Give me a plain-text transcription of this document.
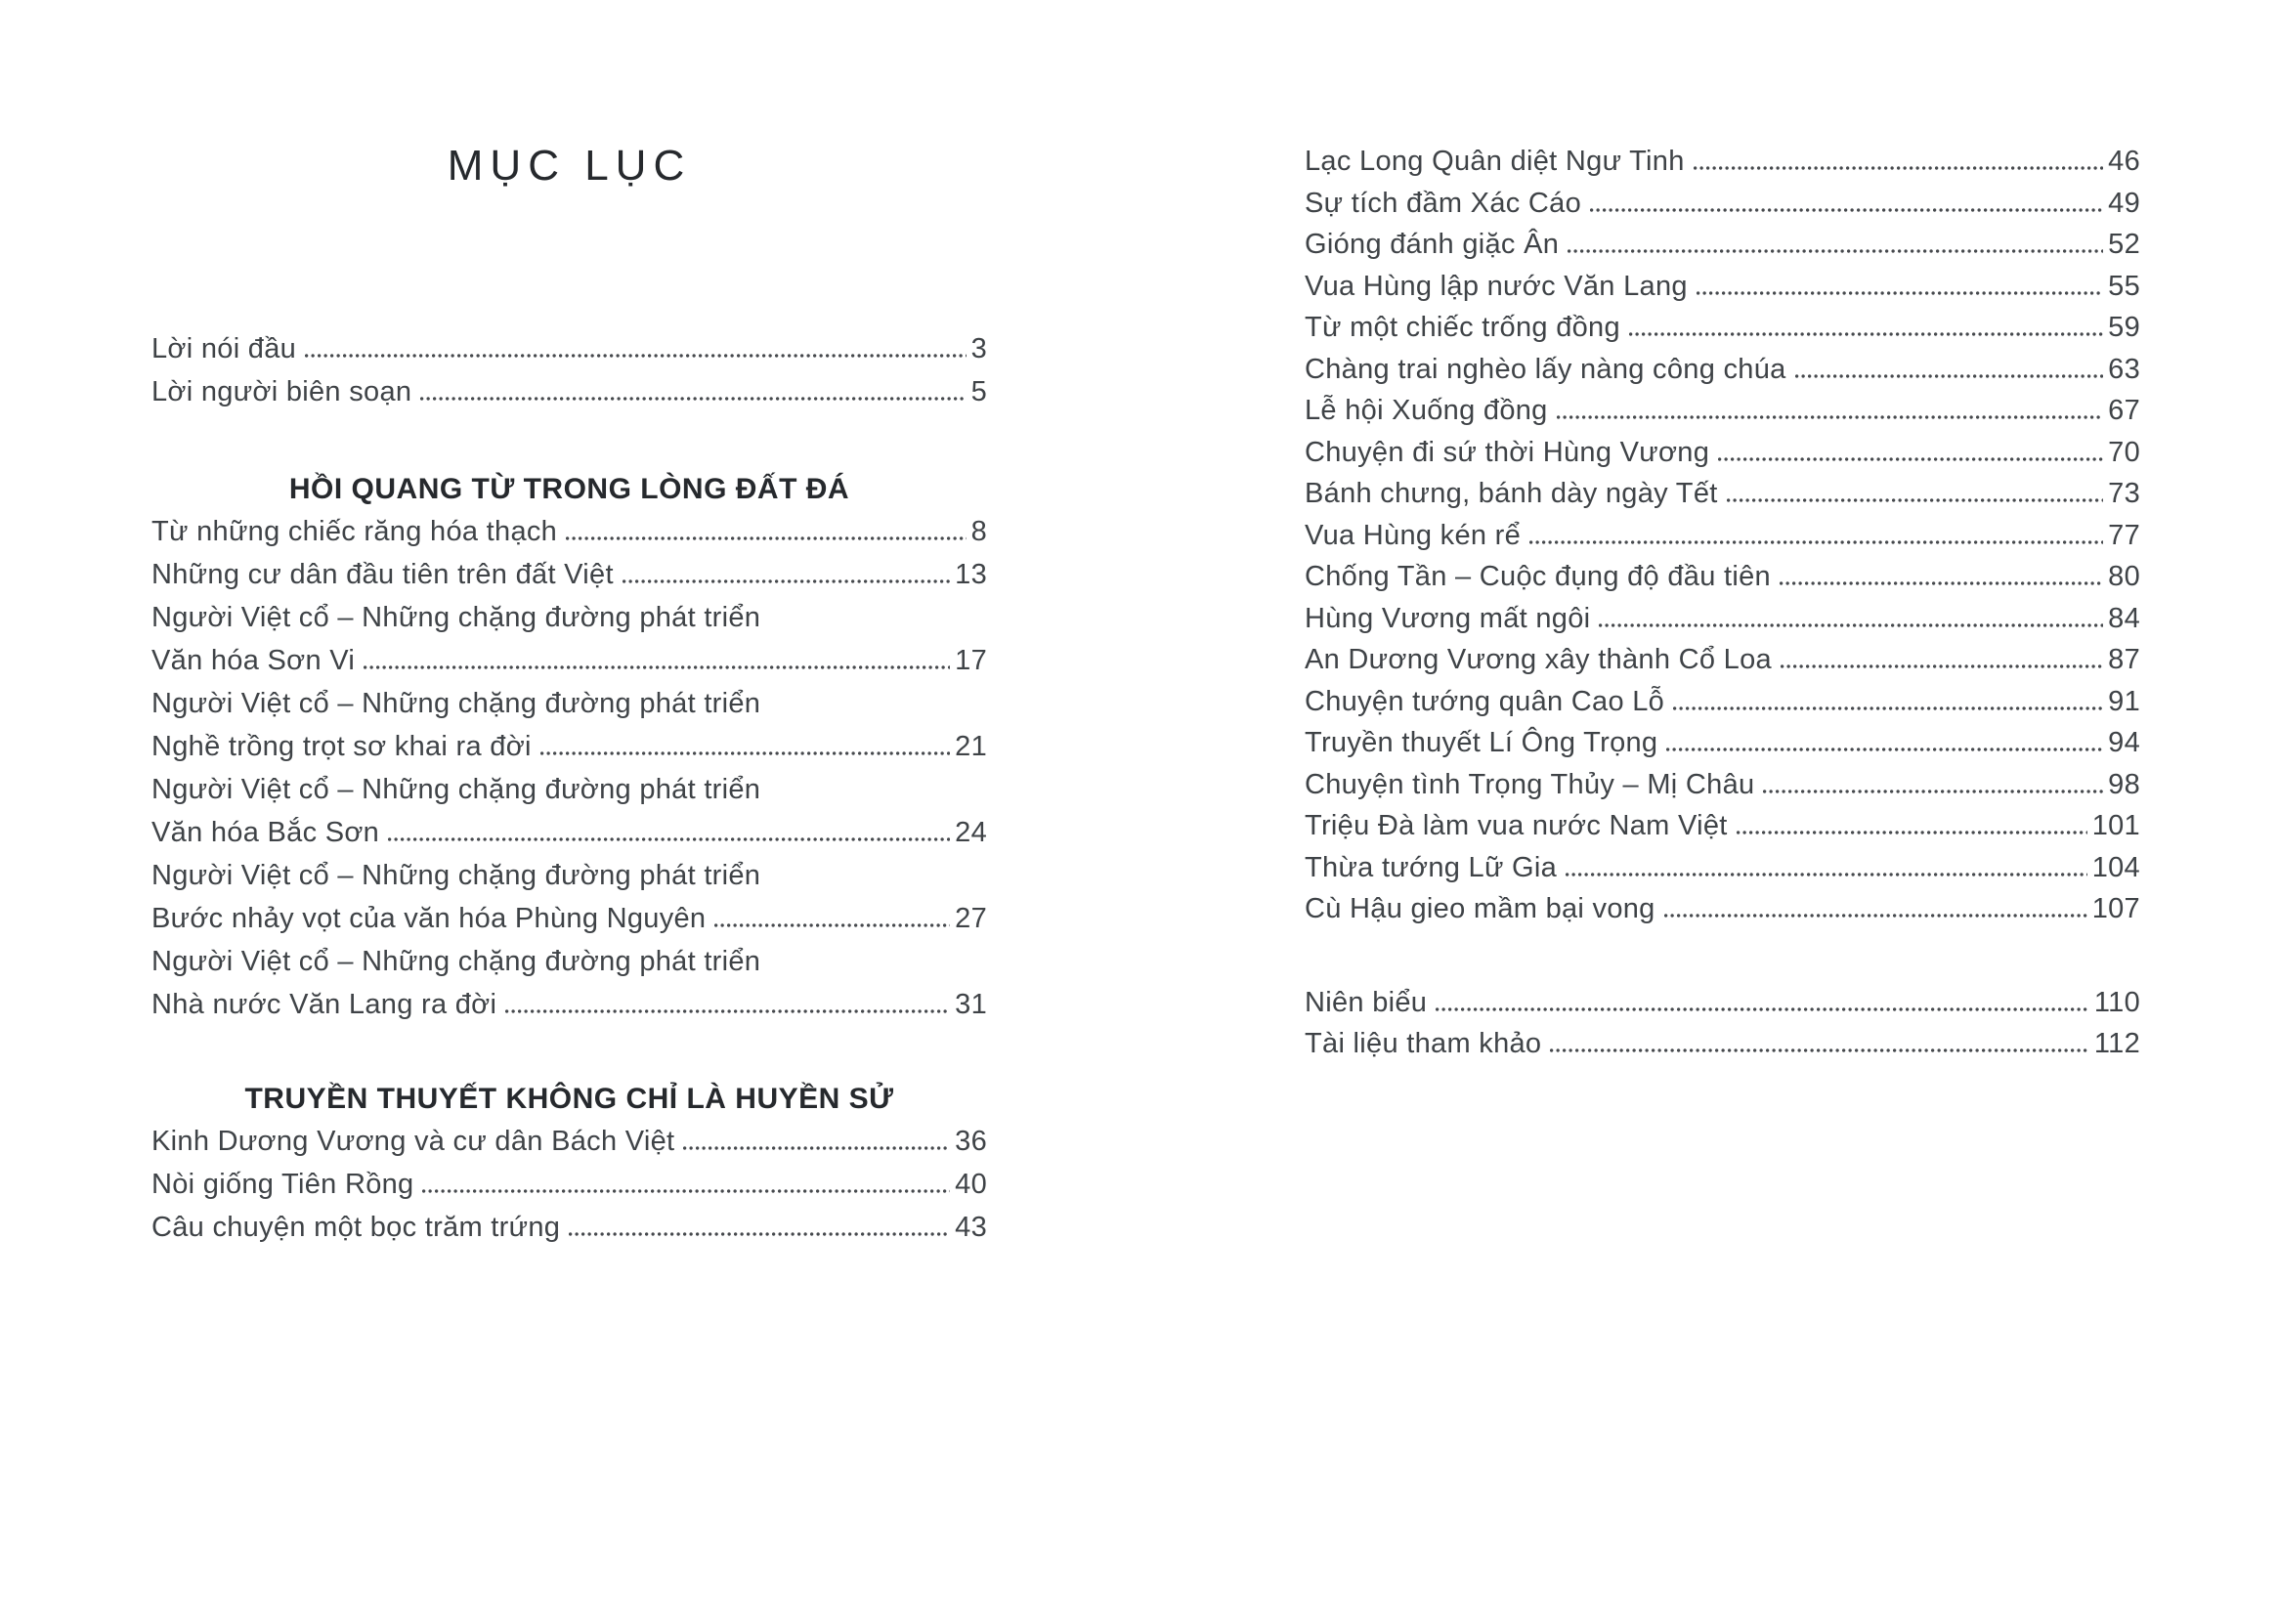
MỤC LỤC
Lời nói đầu	3
Lời người biên soạn	5
HỒI QUANG TỪ TRONG LÒNG ĐẤT ĐÁ
Từ những chiếc răng hóa thạch	8
Những cư dân đầu tiên trên đất Việt	13
Người Việt cổ – Những chặng đường phát triển
Văn hóa Sơn Vi	17
Người Việt cổ – Những chặng đường phát triển
Nghề trồng trọt sơ khai ra đời	21
Người Việt cổ – Những chặng đường phát triển
Văn hóa Bắc Sơn	24
Người Việt cổ – Những chặng đường phát triển
Bước nhảy vọt của văn hóa Phùng Nguyên	27
Người Việt cổ – Những chặng đường phát triển
Nhà nước Văn Lang ra đời	31
TRUYỀN THUYẾT KHÔNG CHỈ LÀ HUYỀN SỬ
Kinh Dương Vương và cư dân Bách Việt	36
Nòi giống Tiên Rồng	40
Câu chuyện một bọc trăm trứng	43
Lạc Long Quân diệt Ngư Tinh	46
Sự tích đầm Xác Cáo	49
Gióng đánh giặc Ân	52
Vua Hùng lập nước Văn Lang	55
Từ một chiếc trống đồng	59
Chàng trai nghèo lấy nàng công chúa	63
Lễ hội Xuống đồng	67
Chuyện đi sứ thời Hùng Vương	70
Bánh chưng, bánh dày ngày Tết	73
Vua Hùng kén rể	77
Chống Tần – Cuộc đụng độ đầu tiên	80
Hùng Vương mất ngôi	84
An Dương Vương xây thành Cổ Loa	87
Chuyện tướng quân Cao Lỗ	91
Truyền thuyết Lí Ông Trọng	94
Chuyện tình Trọng Thủy – Mị Châu	98
Triệu Đà làm vua nước Nam Việt	101
Thừa tướng Lữ Gia	104
Cù Hậu gieo mầm bại vong	107
Niên biểu	110
Tài liệu tham khảo	112
